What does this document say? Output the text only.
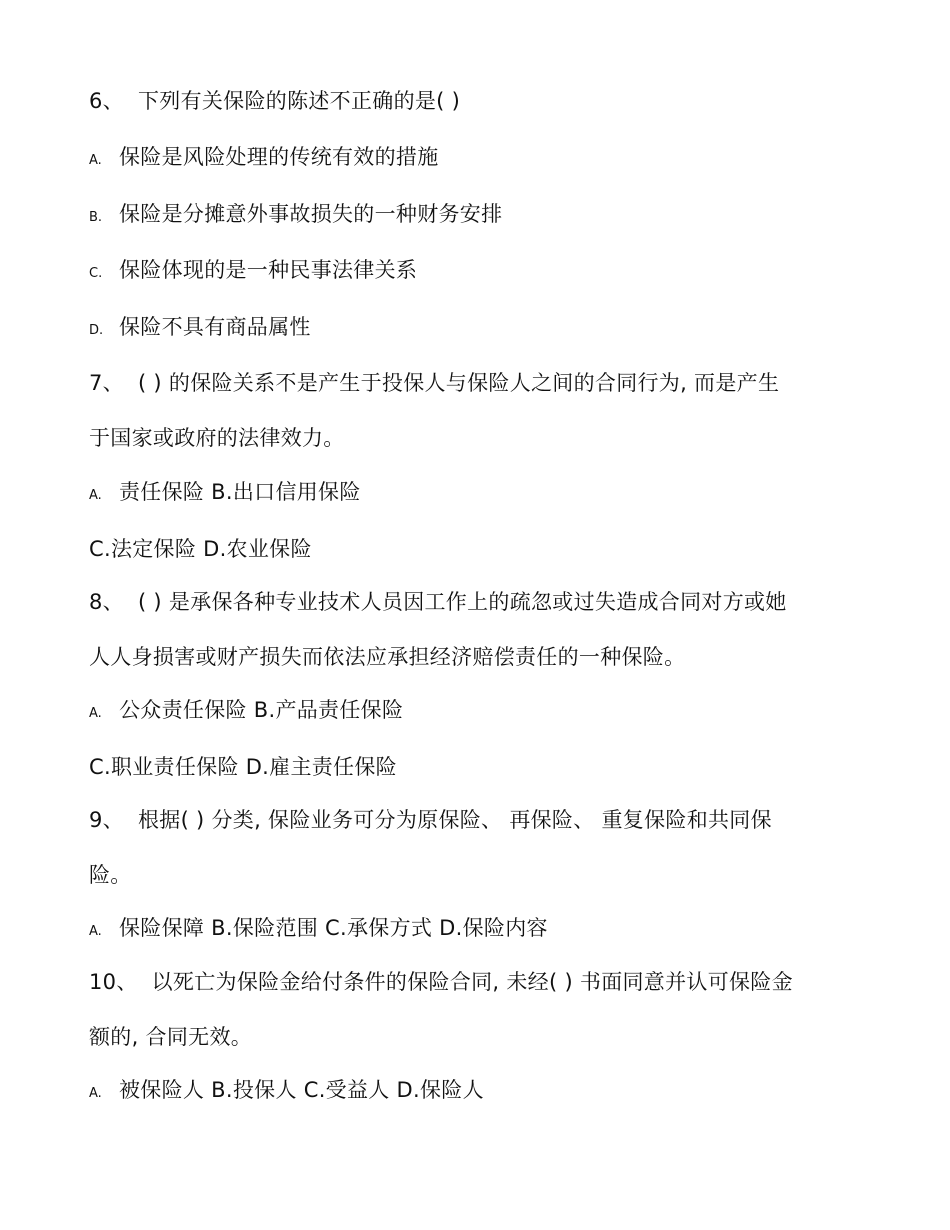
6、 下列有关保险的陈述不正确的是( )
A. 保险是风险处理的传统有效的措施
B. 保险是分摊意外事故损失的一种财务安排
C. 保险体现的是一种民事法律关系
D. 保险不具有商品属性
7、 ( ) 的保险关系不是产生于投保人与保险人之间的合同行为, 而是产生
于国家或政府的法律效力。
A. 责任保险 B.出口信用保险
C.法定保险 D.农业保险
8、 ( ) 是承保各种专业技术人员因工作上的疏忽或过失造成合同对方或她
人人身损害或财产损失而依法应承担经济赔偿责任的一种保险。
A. 公众责任保险 B.产品责任保险
C.职业责任保险 D.雇主责任保险
9、 根据( ) 分类, 保险业务可分为原保险、 再保险、 重复保险和共同保
险。
A. 保险保障 B.保险范围 C.承保方式 D.保险内容
10、 以死亡为保险金给付条件的保险合同, 未经( ) 书面同意并认可保险金
额的, 合同无效。
A. 被保险人 B.投保人 C.受益人 D.保险人
